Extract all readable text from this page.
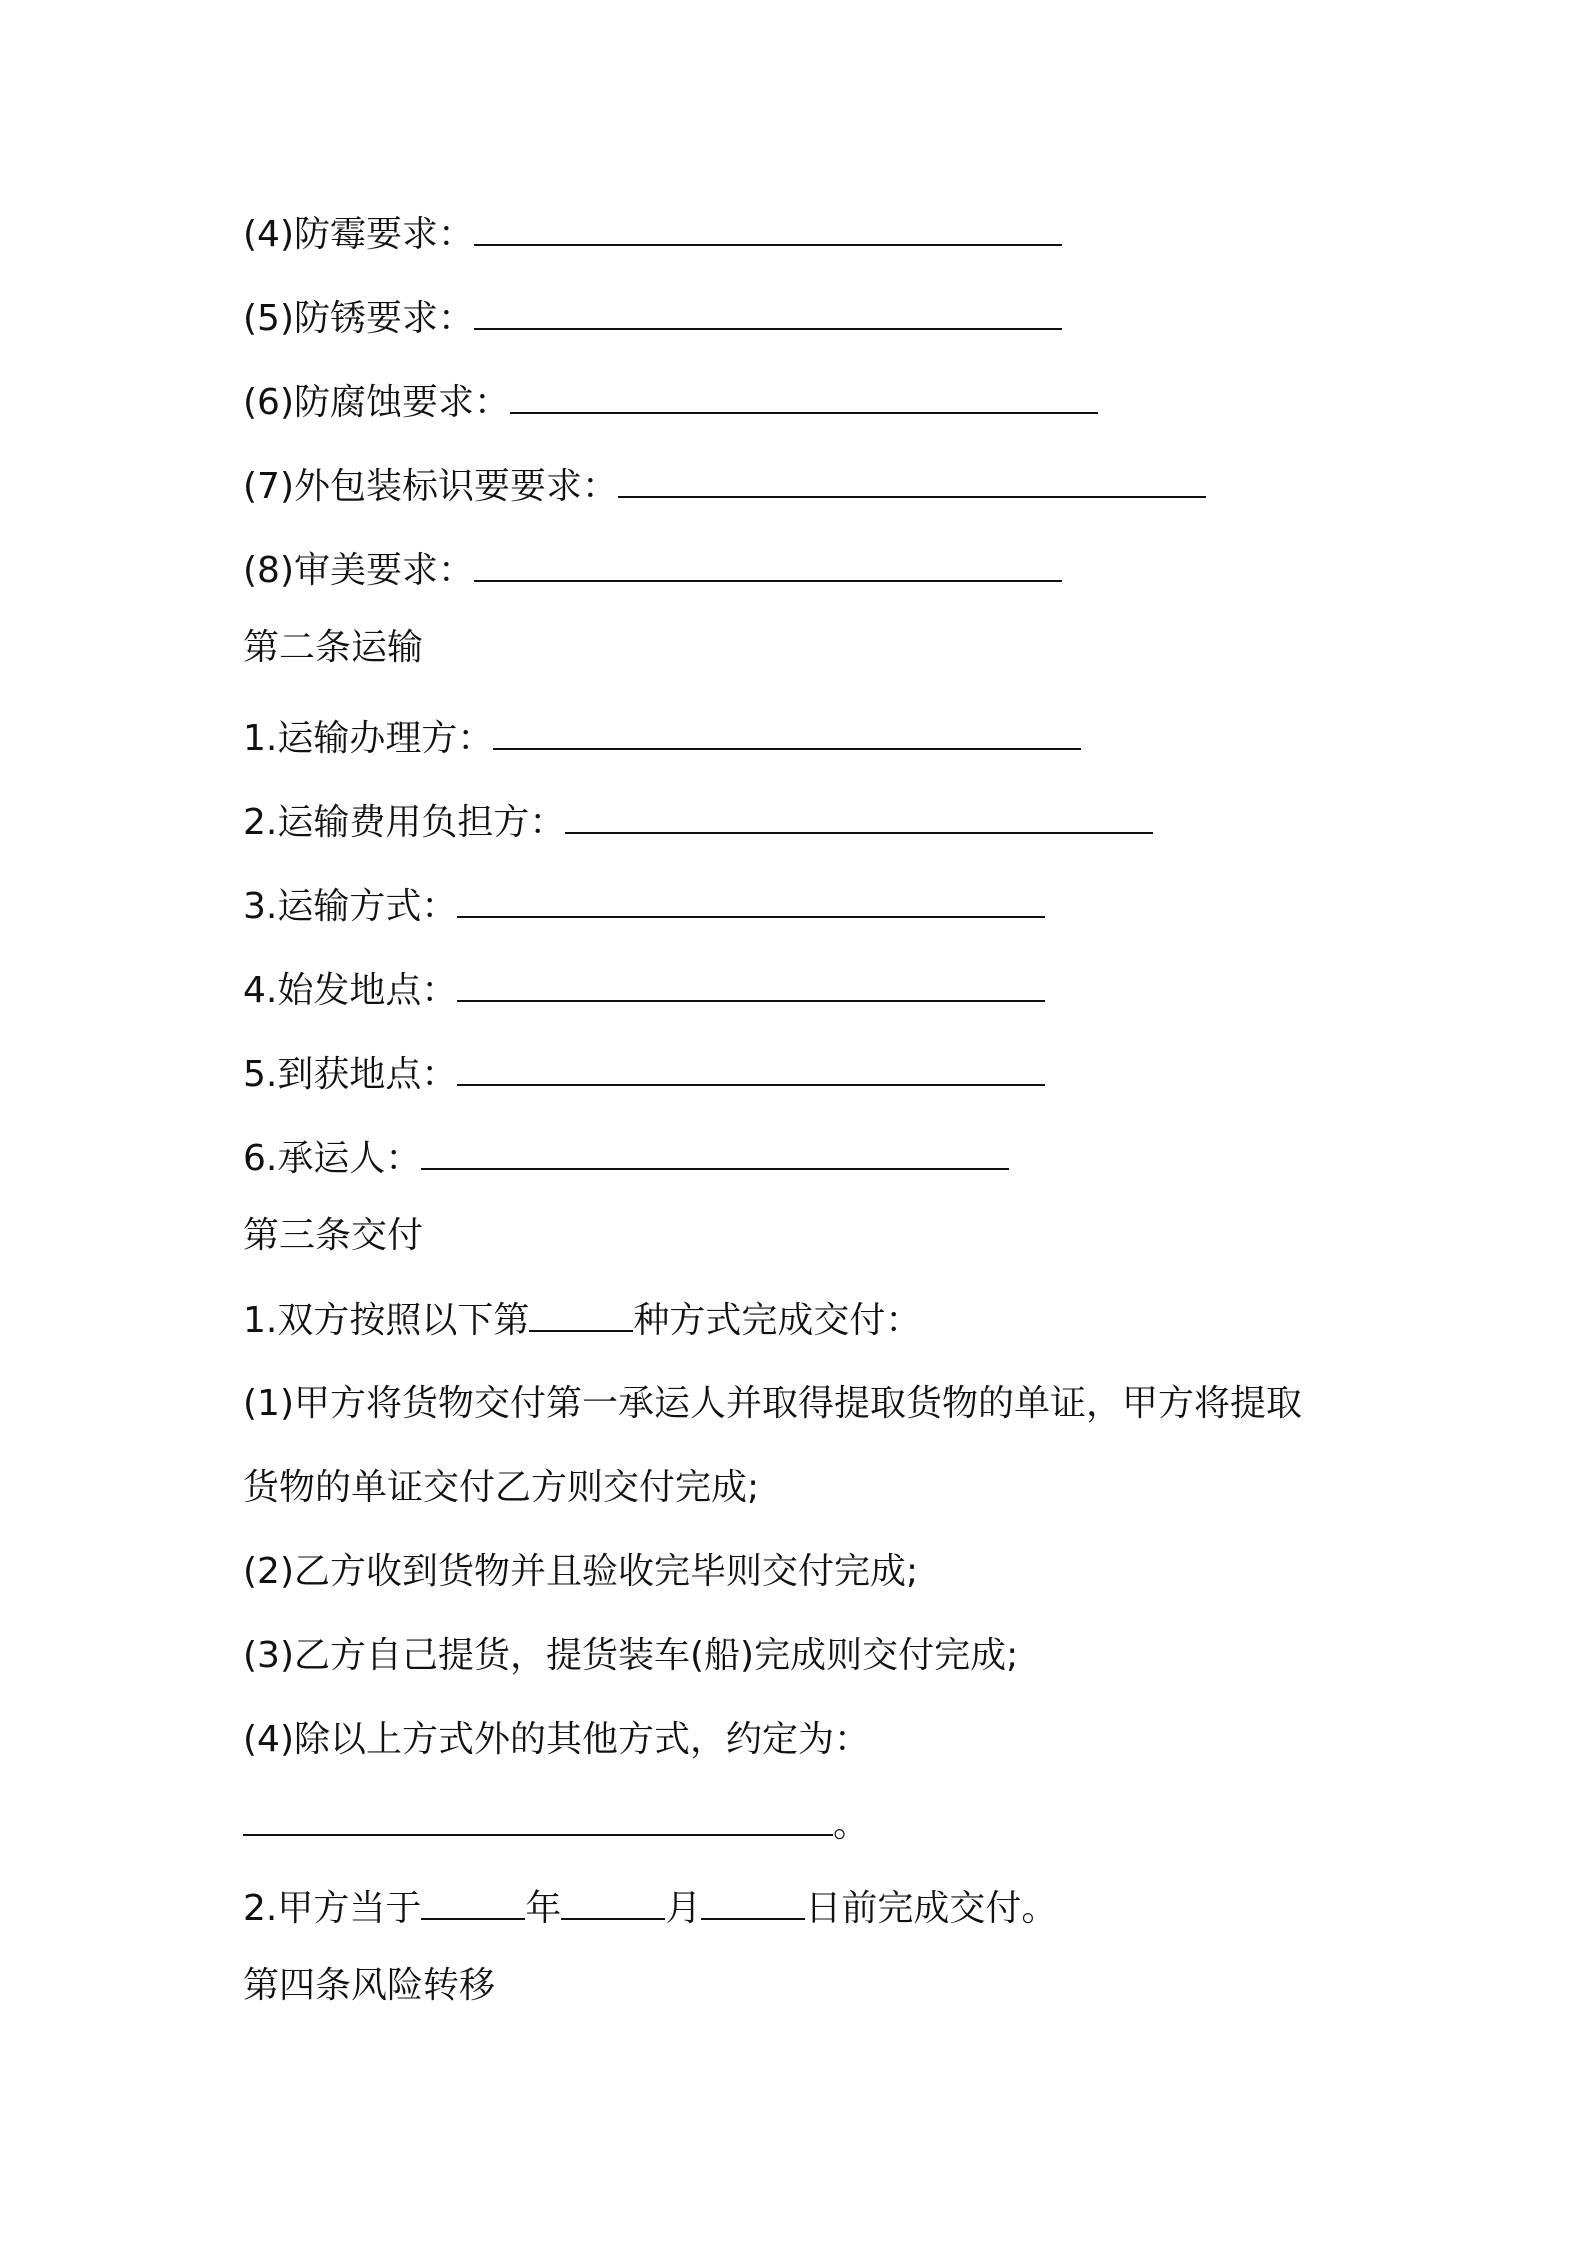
(4)防霉要求：
(5)防锈要求：
(6)防腐蚀要求：
(7)外包装标识要要求：
(8)审美要求：
第二条运输
1.运输办理方：
2.运输费用负担方：
3.运输方式：
4.始发地点：
5.到获地点：
6.承运人：
第三条交付
1.双方按照以下第	种方式完成交付：
(1)甲方将货物交付第一承运人并取得提取货物的单证，甲方将提取
货物的单证交付乙方则交付完成;
(2)乙方收到货物并且验收完毕则交付完成;
(3)乙方自己提货，提货装车(船)完成则交付完成;
(4)除以上方式外的其他方式，约定为：
。
2.甲方当于	年	月	日前完成交付。
第四条风险转移
